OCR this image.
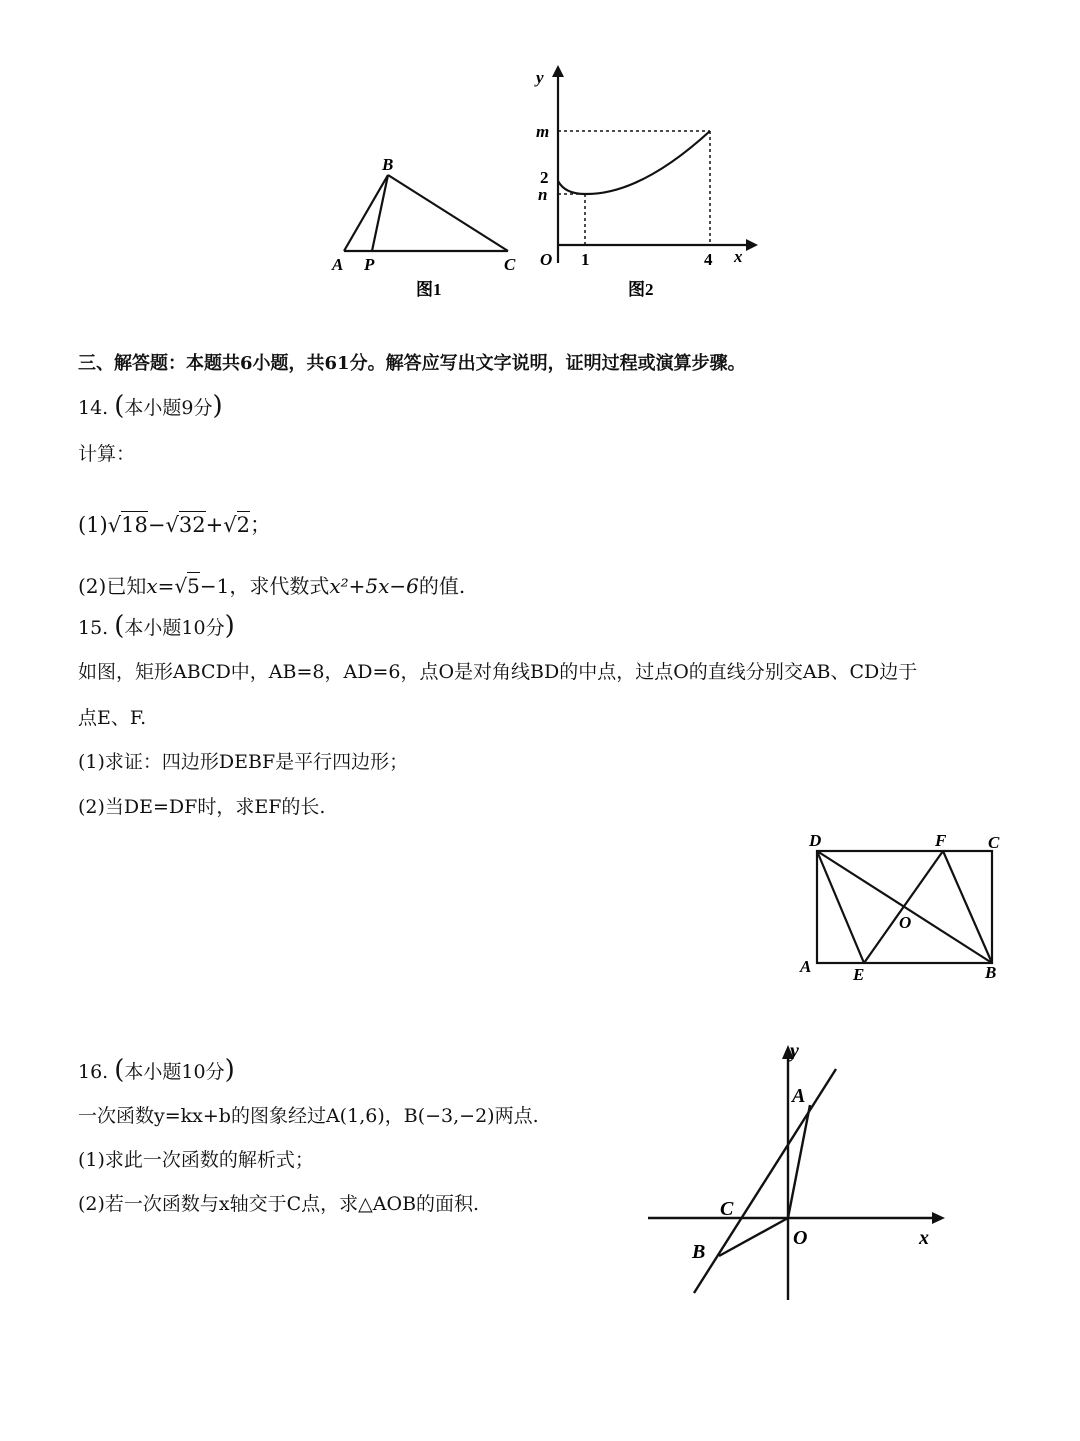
B
A P	C
图1
y
m
2
n
O 1	4 x
图2
三、解答题：本题共6小题，共61分。解答应写出文字说明，证明过程或演算步骤。
14. (本小题9分)
计算：
(1)√18−√32+√2；
(2)已知x=√5−1，求代数式x²+5x−6的值.
15. (本小题10分)
如图，矩形ABCD中，AB=8，AD=6，点O是对角线BD的中点，过点O的直线分别交AB、CD边于
点E、F.
(1)求证：四边形DEBF是平行四边形；
(2)当DE=DF时，求EF的长.
D	F C
O
A E	B
16. (本小题10分)
一次函数y=kx+b的图象经过A(1,6)，B(−3,−2)两点.
(1)求此一次函数的解析式；
(2)若一次函数与x轴交于C点，求△AOB的面积.
y
A
C
O
B
x
